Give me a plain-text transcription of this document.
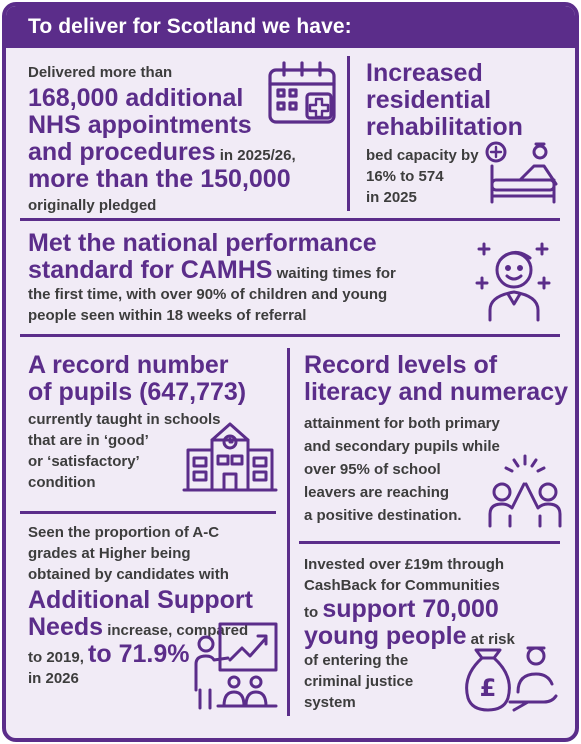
To deliver for Scotland we have:
Delivered more than
168,000 additional
NHS appointments
and procedures in 2025/26,
more than the 150,000
originally pledged
Increased
residential
rehabilitation
bed capacity by
16% to 574
in 2025
Met the national performance
standard for CAMHS waiting times for
the first time, with over 90% of children and young
people seen within 18 weeks of referral
A record number
of pupils (647,773)
currently taught in schools
that are in ‘good’
or ‘satisfactory’
condition
Record levels of
literacy and numeracy
attainment for both primary
and secondary pupils while
over 95% of school
leavers are reaching
a positive destination.
Seen the proportion of A-C
grades at Higher being
obtained by candidates with
Additional Support
Needs increase, compared
to 2019, to 71.9%
in 2026
Invested over £19m through
CashBack for Communities
to support 70,000
young people at risk
of entering the
criminal justice
system
£
